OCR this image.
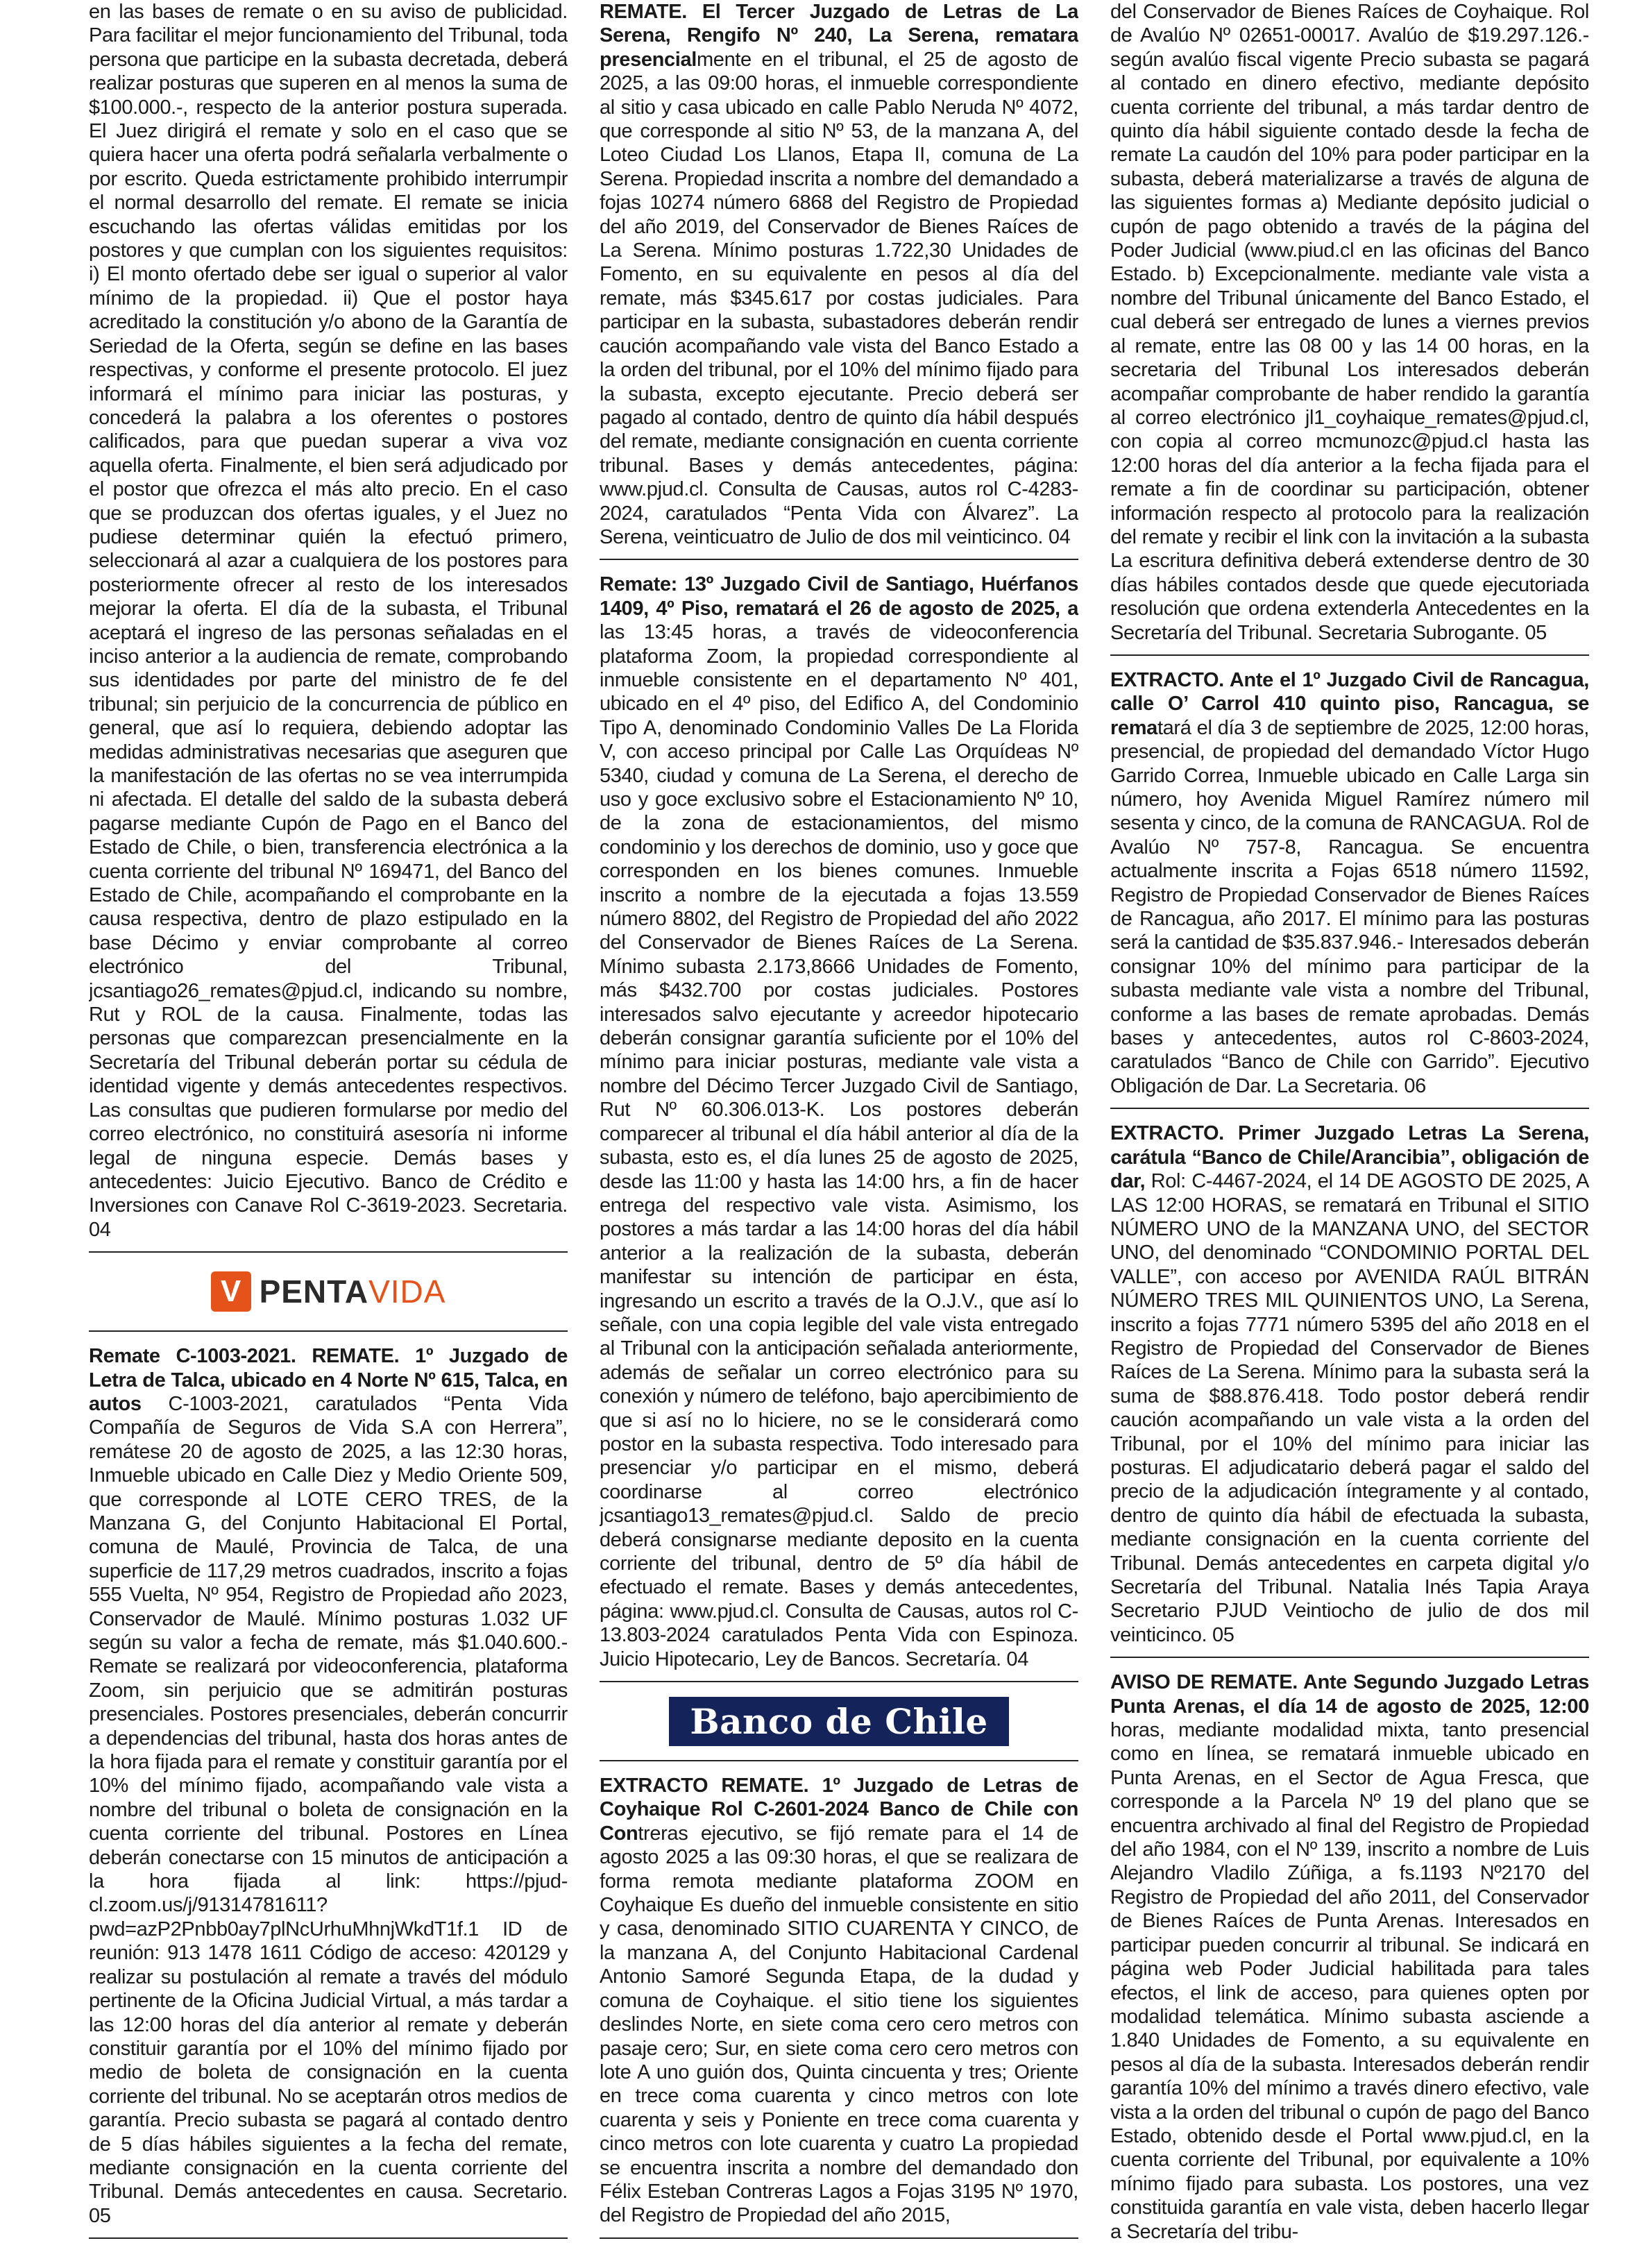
en las bases de remate o en su aviso de publicidad. Para facilitar el mejor funcionamiento del Tribunal, toda persona que participe en la subasta decretada, deberá realizar posturas que superen en al menos la suma de $100.000.-, respecto de la anterior postura superada. El Juez dirigirá el remate y solo en el caso que se quiera hacer una oferta podrá señalarla verbalmente o por escrito. Queda estrictamente prohibido interrumpir el normal desarrollo del remate. El remate se inicia escuchando las ofertas válidas emitidas por los postores y que cumplan con los siguientes requisitos: i) El monto ofertado debe ser igual o superior al valor mínimo de la propiedad. ii) Que el postor haya acreditado la constitución y/o abono de la Garantía de Seriedad de la Oferta, según se define en las bases respectivas, y conforme el presente protocolo. El juez informará el mínimo para iniciar las posturas, y concederá la palabra a los oferentes o postores calificados, para que puedan superar a viva voz aquella oferta. Finalmente, el bien será adjudicado por el postor que ofrezca el más alto precio. En el caso que se produzcan dos ofertas iguales, y el Juez no pudiese determinar quién la efectuó primero, seleccionará al azar a cualquiera de los postores para posteriormente ofrecer al resto de los interesados mejorar la oferta. El día de la subasta, el Tribunal aceptará el ingreso de las personas señaladas en el inciso anterior a la audiencia de remate, comprobando sus identidades por parte del ministro de fe del tribunal; sin perjuicio de la concurrencia de público en general, que así lo requiera, debiendo adoptar las medidas administrativas necesarias que aseguren que la manifestación de las ofertas no se vea interrumpida ni afectada. El detalle del saldo de la subasta deberá pagarse mediante Cupón de Pago en el Banco del Estado de Chile, o bien, transferencia electrónica a la cuenta corriente del tribunal Nº 169471, del Banco del Estado de Chile, acompañando el comprobante en la causa respectiva, dentro de plazo estipulado en la base Décimo y enviar comprobante al correo electrónico del Tribunal, jcsantiago26_remates@pjud.cl, indicando su nombre, Rut y ROL de la causa. Finalmente, todas las personas que comparezcan presencialmente en la Secretaría del Tribunal deberán portar su cédula de identidad vigente y demás antecedentes respectivos. Las consultas que pudieren formularse por medio del correo electrónico, no constituirá asesoría ni informe legal de ninguna especie. Demás bases y antecedentes: Juicio Ejecutivo. Banco de Crédito e Inversiones con Canave Rol C-3619-2023. Secretaria. 04

V PENTAVIDA

Remate C-1003-2021. REMATE. 1º Juzgado de Letra de Talca, ubicado en 4 Norte Nº 615, Talca, en autos C-1003-2021, caratulados “Penta Vida Compañía de Seguros de Vida S.A con Herrera”, remátese 20 de agosto de 2025, a las 12:30 horas, Inmueble ubicado en Calle Diez y Medio Oriente 509, que corresponde al LOTE CERO TRES, de la Manzana G, del Conjunto Habitacional El Portal, comuna de Maulé, Provincia de Talca, de una superficie de 117,29 metros cuadrados, inscrito a fojas 555 Vuelta, Nº 954, Registro de Propiedad año 2023, Conservador de Maulé. Mínimo posturas 1.032 UF según su valor a fecha de remate, más $1.040.600.- Remate se realizará por videoconferencia, plataforma Zoom, sin perjuicio que se admitirán posturas presenciales. Postores presenciales, deberán concurrir a dependencias del tribunal, hasta dos horas antes de la hora fijada para el remate y constituir garantía por el 10% del mínimo fijado, acompañando vale vista a nombre del tribunal o boleta de consignación en la cuenta corriente del tribunal. Postores en Línea deberán conectarse con 15 minutos de anticipación a la hora fijada al link: https://pjud-cl.zoom.us/j/91314781611?pwd=azP2Pnbb0ay7plNcUrhuMhnjWkdT1f.1 ID de reunión: 913 1478 1611 Código de acceso: 420129 y realizar su postulación al remate a través del módulo pertinente de la Oficina Judicial Virtual, a más tardar a las 12:00 horas del día anterior al remate y deberán constituir garantía por el 10% del mínimo fijado por medio de boleta de consignación en la cuenta corriente del tribunal. No se aceptarán otros medios de garantía. Precio subasta se pagará al contado dentro de 5 días hábiles siguientes a la fecha del remate, mediante consignación en la cuenta corriente del Tribunal. Demás antecedentes en causa. Secretario. 05

REMATE. El Tercer Juzgado de Letras de La Serena, Rengifo Nº 240, La Serena, rematara presencialmente en el tribunal, el 25 de agosto de 2025, a las 09:00 horas, el inmueble correspondiente al sitio y casa ubicado en calle Pablo Neruda Nº 4072, que corresponde al sitio Nº 53, de la manzana A, del Loteo Ciudad Los Llanos, Etapa II, comuna de La Serena. Propiedad inscrita a nombre del demandado a fojas 10274 número 6868 del Registro de Propiedad del año 2019, del Conservador de Bienes Raíces de La Serena. Mínimo posturas 1.722,30 Unidades de Fomento, en su equivalente en pesos al día del remate, más $345.617 por costas judiciales. Para participar en la subasta, subastadores deberán rendir caución acompañando vale vista del Banco Estado a la orden del tribunal, por el 10% del mínimo fijado para la subasta, excepto ejecutante. Precio deberá ser pagado al contado, dentro de quinto día hábil después del remate, mediante consignación en cuenta corriente tribunal. Bases y demás antecedentes, página: www.pjud.cl. Consulta de Causas, autos rol C-4283-2024, caratulados “Penta Vida con Álvarez”. La Serena, veinticuatro de Julio de dos mil veinticinco. 04

Remate: 13º Juzgado Civil de Santiago, Huérfanos 1409, 4º Piso, rematará el 26 de agosto de 2025, a las 13:45 horas, a través de videoconferencia plataforma Zoom, la propiedad correspondiente al inmueble consistente en el departamento Nº 401, ubicado en el 4º piso, del Edifico A, del Condominio Tipo A, denominado Condominio Valles De La Florida V, con acceso principal por Calle Las Orquídeas Nº 5340, ciudad y comuna de La Serena, el derecho de uso y goce exclusivo sobre el Estacionamiento Nº 10, de la zona de estacionamientos, del mismo condominio y los derechos de dominio, uso y goce que corresponden en los bienes comunes. Inmueble inscrito a nombre de la ejecutada a fojas 13.559 número 8802, del Registro de Propiedad del año 2022 del Conservador de Bienes Raíces de La Serena. Mínimo subasta 2.173,8666 Unidades de Fomento, más $432.700 por costas judiciales. Postores interesados salvo ejecutante y acreedor hipotecario deberán consignar garantía suficiente por el 10% del mínimo para iniciar posturas, mediante vale vista a nombre del Décimo Tercer Juzgado Civil de Santiago, Rut Nº 60.306.013-K. Los postores deberán comparecer al tribunal el día hábil anterior al día de la subasta, esto es, el día lunes 25 de agosto de 2025, desde las 11:00 y hasta las 14:00 hrs, a fin de hacer entrega del respectivo vale vista. Asimismo, los postores a más tardar a las 14:00 horas del día hábil anterior a la realización de la subasta, deberán manifestar su intención de participar en ésta, ingresando un escrito a través de la O.J.V., que así lo señale, con una copia legible del vale vista entregado al Tribunal con la anticipación señalada anteriormente, además de señalar un correo electrónico para su conexión y número de teléfono, bajo apercibimiento de que si así no lo hiciere, no se le considerará como postor en la subasta respectiva. Todo interesado para presenciar y/o participar en el mismo, deberá coordinarse al correo electrónico jcsantiago13_remates@pjud.cl. Saldo de precio deberá consignarse mediante deposito en la cuenta corriente del tribunal, dentro de 5º día hábil de efectuado el remate. Bases y demás antecedentes, página: www.pjud.cl. Consulta de Causas, autos rol C-13.803-2024 caratulados Penta Vida con Espinoza. Juicio Hipotecario, Ley de Bancos. Secretaría. 04

Banco de Chile

EXTRACTO REMATE. 1º Juzgado de Letras de Coyhaique Rol C-2601-2024 Banco de Chile con Contreras ejecutivo, se fijó remate para el 14 de agosto 2025 a las 09:30 horas, el que se realizara de forma remota mediante plataforma ZOOM en Coyhaique Es dueño del inmueble consistente en sitio y casa, denominado SITIO CUARENTA Y CINCO, de la manzana A, del Conjunto Habitacional Cardenal Antonio Samoré Segunda Etapa, de la dudad y comuna de Coyhaique. el sitio tiene los siguientes deslindes Norte, en siete coma cero cero metros con pasaje cero; Sur, en siete coma cero cero metros con lote A uno guión dos, Quinta cincuenta y tres; Oriente en trece coma cuarenta y cinco metros con lote cuarenta y seis y Poniente en trece coma cuarenta y cinco metros con lote cuarenta y cuatro La propiedad se encuentra inscrita a nombre del demandado don Félix Esteban Contreras Lagos a Fojas 3195 Nº 1970, del Registro de Propiedad del año 2015,

del Conservador de Bienes Raíces de Coyhaique. Rol de Avalúo Nº 02651-00017. Avalúo de $19.297.126.- según avalúo fiscal vigente Precio subasta se pagará al contado en dinero efectivo, mediante depósito cuenta corriente del tribunal, a más tardar dentro de quinto día hábil siguiente contado desde la fecha de remate La caudón del 10% para poder participar en la subasta, deberá materializarse a través de alguna de las siguientes formas a) Mediante depósito judicial o cupón de pago obtenido a través de la página del Poder Judicial (www.piud.cl en las oficinas del Banco Estado. b) Excepcionalmente. mediante vale vista a nombre del Tribunal únicamente del Banco Estado, el cual deberá ser entregado de lunes a viernes previos al remate, entre las 08 00 y las 14 00 horas, en la secretaria del Tribunal Los interesados deberán acompañar comprobante de haber rendido la garantía al correo electrónico jl1_coyhaique_remates@pjud.cl, con copia al correo mcmunozc@pjud.cl hasta las 12:00 horas del día anterior a la fecha fijada para el remate a fin de coordinar su participación, obtener información respecto al protocolo para la realización del remate y recibir el link con la invitación a la subasta La escritura definitiva deberá extenderse dentro de 30 días hábiles contados desde que quede ejecutoriada resolución que ordena extenderla Antecedentes en la Secretaría del Tribunal. Secretaria Subrogante. 05

EXTRACTO. Ante el 1º Juzgado Civil de Rancagua, calle O’ Carrol 410 quinto piso, Rancagua, se rematará el día 3 de septiembre de 2025, 12:00 horas, presencial, de propiedad del demandado Víctor Hugo Garrido Correa, Inmueble ubicado en Calle Larga sin número, hoy Avenida Miguel Ramírez número mil sesenta y cinco, de la comuna de RANCAGUA. Rol de Avalúo Nº 757-8, Rancagua. Se encuentra actualmente inscrita a Fojas 6518 número 11592, Registro de Propiedad Conservador de Bienes Raíces de Rancagua, año 2017. El mínimo para las posturas será la cantidad de $35.837.946.- Interesados deberán consignar 10% del mínimo para participar de la subasta mediante vale vista a nombre del Tribunal, conforme a las bases de remate aprobadas. Demás bases y antecedentes, autos rol C-8603-2024, caratulados “Banco de Chile con Garrido”. Ejecutivo Obligación de Dar. La Secretaria. 06

EXTRACTO. Primer Juzgado Letras La Serena, carátula “Banco de Chile/Arancibia”, obligación de dar, Rol: C-4467-2024, el 14 DE AGOSTO DE 2025, A LAS 12:00 HORAS, se rematará en Tribunal el SITIO NÚMERO UNO de la MANZANA UNO, del SECTOR UNO, del denominado “CONDOMINIO PORTAL DEL VALLE”, con acceso por AVENIDA RAÚL BITRÁN NÚMERO TRES MIL QUINIENTOS UNO, La Serena, inscrito a fojas 7771 número 5395 del año 2018 en el Registro de Propiedad del Conservador de Bienes Raíces de La Serena. Mínimo para la subasta será la suma de $88.876.418. Todo postor deberá rendir caución acompañando un vale vista a la orden del Tribunal, por el 10% del mínimo para iniciar las posturas. El adjudicatario deberá pagar el saldo del precio de la adjudicación íntegramente y al contado, dentro de quinto día hábil de efectuada la subasta, mediante consignación en la cuenta corriente del Tribunal. Demás antecedentes en carpeta digital y/o Secretaría del Tribunal. Natalia Inés Tapia Araya Secretario PJUD Veintiocho de julio de dos mil veinticinco. 05

AVISO DE REMATE. Ante Segundo Juzgado Letras Punta Arenas, el día 14 de agosto de 2025, 12:00 horas, mediante modalidad mixta, tanto presencial como en línea, se rematará inmueble ubicado en Punta Arenas, en el Sector de Agua Fresca, que corresponde a la Parcela Nº 19 del plano que se encuentra archivado al final del Registro de Propiedad del año 1984, con el Nº 139, inscrito a nombre de Luis Alejandro Vladilo Zúñiga, a fs.1193 Nº2170 del Registro de Propiedad del año 2011, del Conservador de Bienes Raíces de Punta Arenas. Interesados en participar pueden concurrir al tribunal. Se indicará en página web Poder Judicial habilitada para tales efectos, el link de acceso, para quienes opten por modalidad telemática. Mínimo subasta asciende a 1.840 Unidades de Fomento, a su equivalente en pesos al día de la subasta. Interesados deberán rendir garantía 10% del mínimo a través dinero efectivo, vale vista a la orden del tribunal o cupón de pago del Banco Estado, obtenido desde el Portal www.pjud.cl, en la cuenta corriente del Tribunal, por equivalente a 10% mínimo fijado para subasta. Los postores, una vez constituida garantía en vale vista, deben hacerlo llegar a Secretaría del tribu-
